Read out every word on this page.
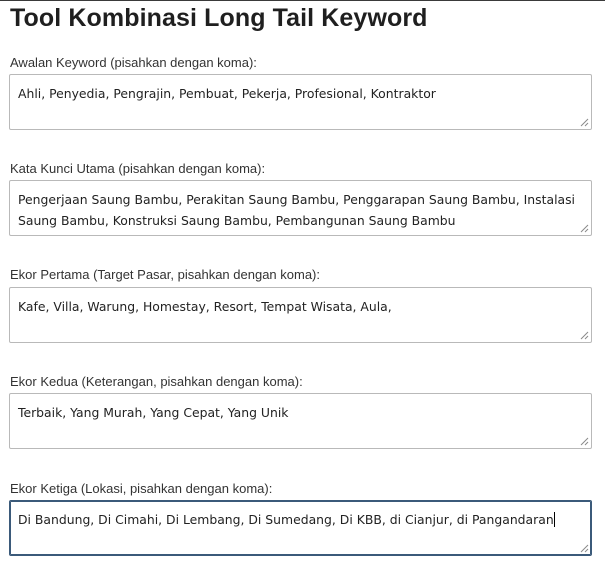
Tool Kombinasi Long Tail Keyword
Awalan Keyword (pisahkan dengan koma):
Ahli, Penyedia, Pengrajin, Pembuat, Pekerja, Profesional, Kontraktor
Kata Kunci Utama (pisahkan dengan koma):
Pengerjaan Saung Bambu, Perakitan Saung Bambu, Penggarapan Saung Bambu, Instalasi Saung Bambu, Konstruksi Saung Bambu, Pembangunan Saung Bambu
Ekor Pertama (Target Pasar, pisahkan dengan koma):
Kafe, Villa, Warung, Homestay, Resort, Tempat Wisata, Aula,
Ekor Kedua (Keterangan, pisahkan dengan koma):
Terbaik, Yang Murah, Yang Cepat, Yang Unik
Ekor Ketiga (Lokasi, pisahkan dengan koma):
Di Bandung, Di Cimahi, Di Lembang, Di Sumedang, Di KBB, di Cianjur, di Pangandaran
